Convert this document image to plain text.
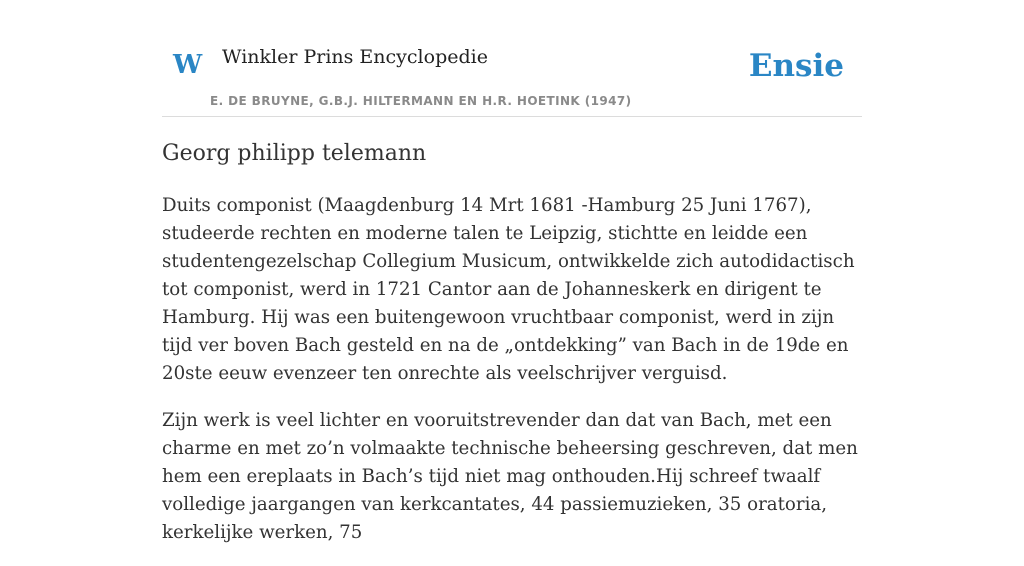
W Winkler Prins Encyclopedie
E. DE BRUYNE, G.B.J. HILTERMANN EN H.R. HOETINK (1947)
Ensie
Georg philipp telemann

Duits componist (Maagdenburg 14 Mrt 1681 -Hamburg 25 Juni 1767), studeerde rechten en moderne talen te Leipzig, stichtte en leidde een studentengezelschap Collegium Musicum, ontwikkelde zich autodidactisch tot componist, werd in 1721 Cantor aan de Johanneskerk en dirigent te Hamburg. Hij was een buitengewoon vruchtbaar componist, werd in zijn tijd ver boven Bach gesteld en na de „ontdekking” van Bach in de 19de en 20ste eeuw evenzeer ten onrechte als veelschrijver verguisd.

Zijn werk is veel lichter en vooruitstrevender dan dat van Bach, met een charme en met zo’n volmaakte technische beheersing geschreven, dat men hem een ereplaats in Bach’s tijd niet mag onthouden.Hij schreef twaalf volledige jaargangen van kerkcantates, 44 passiemuzieken, 35 oratoria, kerkelijke werken, 75
